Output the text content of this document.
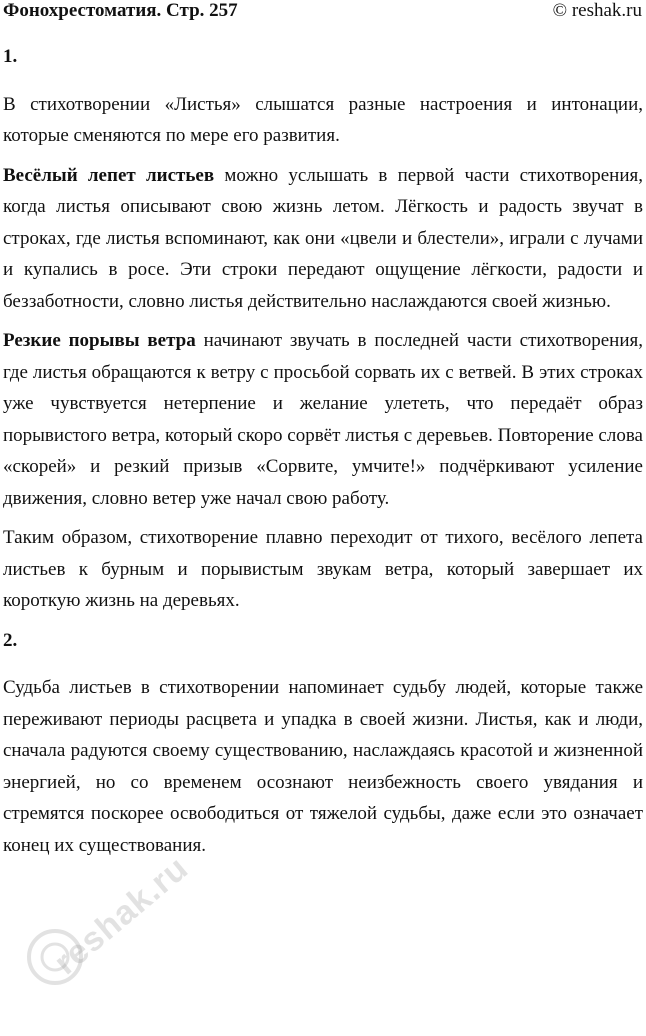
Фонохрестоматия. Стр. 257	© reshak.ru
1.

В стихотворении «Листья» слышатся разные настроения и интонации, которые сменяются по мере его развития.

Весёлый лепет листьев можно услышать в первой части стихотворения, когда листья описывают свою жизнь летом. Лёгкость и радость звучат в строках, где листья вспоминают, как они «цвели и блестели», играли с лучами и купались в росе. Эти строки передают ощущение лёгкости, радости и беззаботности, словно листья действительно наслаждаются своей жизнью.

Резкие порывы ветра начинают звучать в последней части стихотворения, где листья обращаются к ветру с просьбой сорвать их с ветвей. В этих строках уже чувствуется нетерпение и желание улететь, что передаёт образ порывистого ветра, который скоро сорвёт листья с деревьев. Повторение слова «скорей» и резкий призыв «Сорвите, умчите!» подчёркивают усиление движения, словно ветер уже начал свою работу.

Таким образом, стихотворение плавно переходит от тихого, весёлого лепета листьев к бурным и порывистым звукам ветра, который завершает их короткую жизнь на деревьях.

2.

Судьба листьев в стихотворении напоминает судьбу людей, которые также переживают периоды расцвета и упадка в своей жизни. Листья, как и люди, сначала радуются своему существованию, наслаждаясь красотой и жизненной энергией, но со временем осознают неизбежность своего увядания и стремятся поскорее освободиться от тяжелой судьбы, даже если это означает конец их существования.

reshak.ru
